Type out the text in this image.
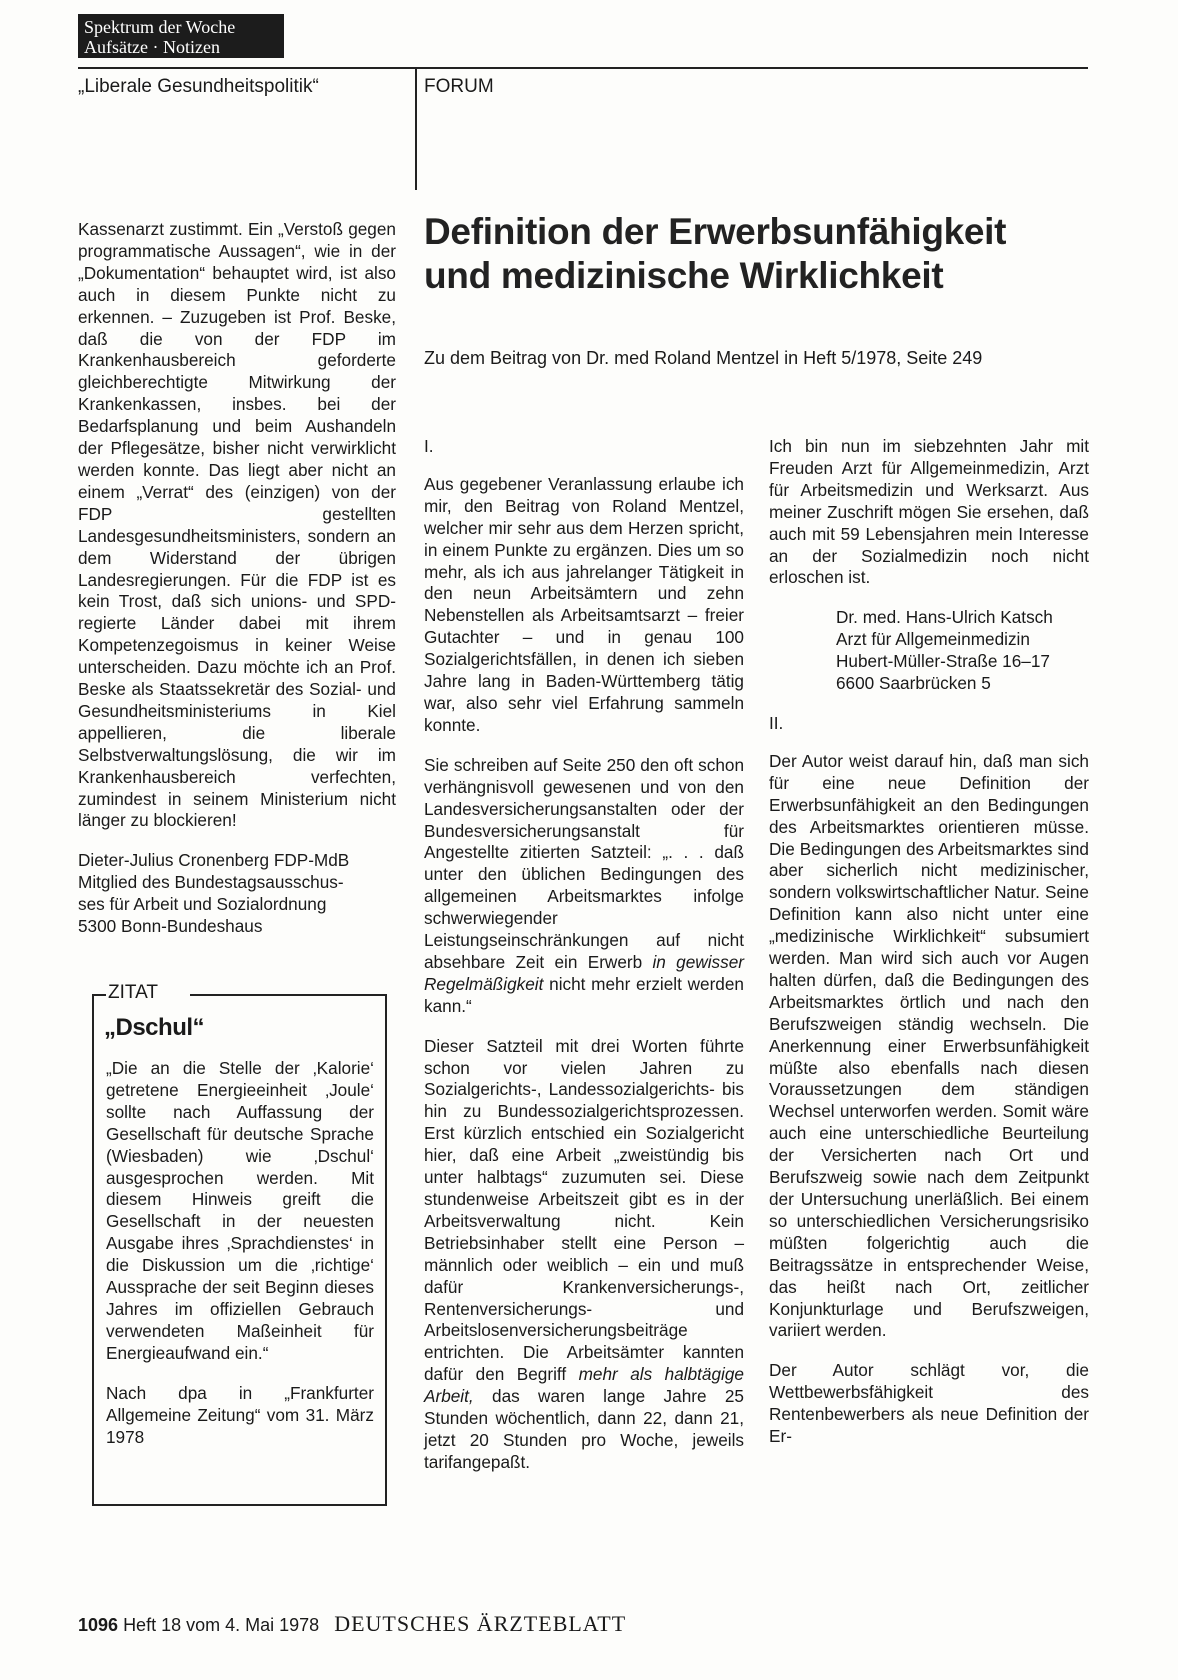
Spektrum der Woche
Aufsätze · Notizen
„Liberale Gesundheitspolitik“	FORUM

Kassenarzt zustimmt. Ein „Verstoß gegen programmatische Aussagen“, wie in der „Dokumentation“ behauptet wird, ist also auch in diesem Punkte nicht zu erkennen. – Zuzugeben ist Prof. Beske, daß die von der FDP im Krankenhausbereich geforderte gleichberechtigte Mitwirkung der Krankenkassen, insbes. bei der Bedarfsplanung und beim Aushandeln der Pflegesätze, bisher nicht verwirklicht werden konnte. Das liegt aber nicht an einem „Verrat“ des (einzigen) von der FDP gestellten Landesgesundheitsministers, sondern an dem Widerstand der übrigen Landesregierungen. Für die FDP ist es kein Trost, daß sich unions- und SPD-regierte Länder dabei mit ihrem Kompetenzegoismus in keiner Weise unterscheiden. Dazu möchte ich an Prof. Beske als Staatssekretär des Sozial- und Gesundheitsministeriums in Kiel appellieren, die liberale Selbstverwaltungslösung, die wir im Krankenhausbereich verfechten, zumindest in seinem Ministerium nicht länger zu blockieren!

Dieter-Julius Cronenberg FDP-MdB
Mitglied des Bundestagsausschus-
ses für Arbeit und Sozialordnung
5300 Bonn-Bundeshaus
ZITAT
„Dschul“

„Die an die Stelle der ‚Kalorie‘ getretene Energieeinheit ‚Joule‘ sollte nach Auffassung der Gesellschaft für deutsche Sprache (Wiesbaden) wie ‚Dschul‘ ausgesprochen werden. Mit diesem Hinweis greift die Gesellschaft in der neuesten Ausgabe ihres ‚Sprachdienstes‘ in die Diskussion um die ‚richtige‘ Aussprache der seit Beginn dieses Jahres im offiziellen Gebrauch verwendeten Maßeinheit für Energieaufwand ein.“

Nach dpa in „Frankfurter Allgemeine Zeitung“ vom 31. März 1978

Definition der Erwerbsunfähigkeit
und medizinische Wirklichkeit
Zu dem Beitrag von Dr. med Roland Mentzel in Heft 5/1978, Seite 249
I.

Aus gegebener Veranlassung erlaube ich mir, den Beitrag von Roland Mentzel, welcher mir sehr aus dem Herzen spricht, in einem Punkte zu ergänzen. Dies um so mehr, als ich aus jahrelanger Tätigkeit in den neun Arbeitsämtern und zehn Nebenstellen als Arbeitsamtsarzt – freier Gutachter – und in genau 100 Sozialgerichtsfällen, in denen ich sieben Jahre lang in Baden-Württemberg tätig war, also sehr viel Erfahrung sammeln konnte.

Sie schreiben auf Seite 250 den oft schon verhängnisvoll gewesenen und von den Landesversicherungsanstalten oder der Bundesversicherungsanstalt für Angestellte zitierten Satzteil: „. . . daß unter den üblichen Bedingungen des allgemeinen Arbeitsmarktes infolge schwerwiegender Leistungseinschränkungen auf nicht absehbare Zeit ein Erwerb in gewisser Regelmäßigkeit nicht mehr erzielt werden kann.“

Dieser Satzteil mit drei Worten führte schon vor vielen Jahren zu Sozialgerichts-, Landessozialgerichts- bis hin zu Bundessozialgerichtsprozessen. Erst kürzlich entschied ein Sozialgericht hier, daß eine Arbeit „zweistündig bis unter halbtags“ zuzumuten sei. Diese stundenweise Arbeitszeit gibt es in der Arbeitsverwaltung nicht. Kein Betriebsinhaber stellt eine Person – männlich oder weiblich – ein und muß dafür Krankenversicherungs-, Rentenversicherungs- und Arbeitslosenversicherungsbeiträge entrichten. Die Arbeitsämter kannten dafür den Begriff mehr als halbtägige Arbeit, das waren lange Jahre 25 Stunden wöchentlich, dann 22, dann 21, jetzt 20 Stunden pro Woche, jeweils tarifangepaßt.

Ich bin nun im siebzehnten Jahr mit Freuden Arzt für Allgemeinmedizin, Arzt für Arbeitsmedizin und Werksarzt. Aus meiner Zuschrift mögen Sie ersehen, daß auch mit 59 Lebensjahren mein Interesse an der Sozialmedizin noch nicht erloschen ist.

Dr. med. Hans-Ulrich Katsch
Arzt für Allgemeinmedizin
Hubert-Müller-Straße 16–17
6600 Saarbrücken 5
II.

Der Autor weist darauf hin, daß man sich für eine neue Definition der Erwerbsunfähigkeit an den Bedingungen des Arbeitsmarktes orientieren müsse. Die Bedingungen des Arbeitsmarktes sind aber sicherlich nicht medizinischer, sondern volkswirtschaftlicher Natur. Seine Definition kann also nicht unter eine „medizinische Wirklichkeit“ subsumiert werden. Man wird sich auch vor Augen halten dürfen, daß die Bedingungen des Arbeitsmarktes örtlich und nach den Berufszweigen ständig wechseln. Die Anerkennung einer Erwerbsunfähigkeit müßte also ebenfalls nach diesen Voraussetzungen dem ständigen Wechsel unterworfen werden. Somit wäre auch eine unterschiedliche Beurteilung der Versicherten nach Ort und Berufszweig sowie nach dem Zeitpunkt der Untersuchung unerläßlich. Bei einem so unterschiedlichen Versicherungsrisiko müßten folgerichtig auch die Beitragssätze in entsprechender Weise, das heißt nach Ort, zeitlicher Konjunkturlage und Berufszweigen, variiert werden.

Der Autor schlägt vor, die Wettbewerbsfähigkeit des Rentenbewerbers als neue Definition der Er-

1096 Heft 18 vom 4. Mai 1978 DEUTSCHES ÄRZTEBLATT
